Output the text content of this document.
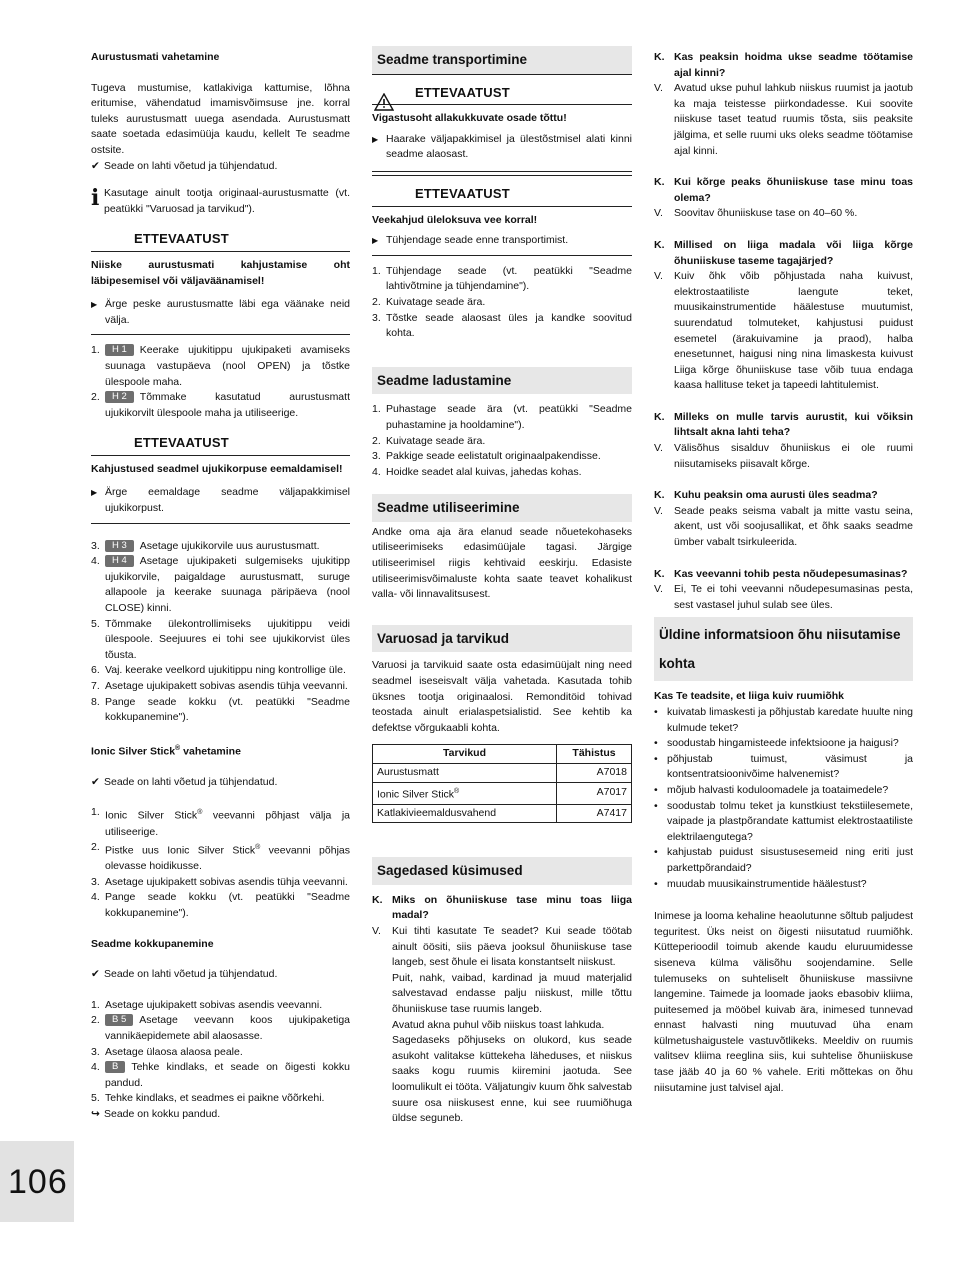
Aurustusmati vahetamine

Tugeva mustumise, katlakiviga kattumise, lõhna eritumise, vähendatud imamisvõimsuse jne. korral tuleks aurustusmatt uuega asendada. Aurustusmatt saate soetada edasimüüja kaudu, kellelt Te seadme ostsite.

✔ Seade on lahti võetud ja tühjendatud.
i Kasutage ainult tootja originaal-aurustusmatte (vt. peatükki "Varuosad ja tarvikud").
ETTEVAATUST

Niiske aurustusmati kahjustamise oht läbipesemisel või väljaväänamisel!

▶ Ärge peske aurustusmatte läbi ega väänake neid välja.
1.	H 1 Keerake ujukitippu ujukipaketi avamiseks suunaga vastupäeva (nool OPEN) ja tõstke ülespoole maha.
2.	H 2 Tõmmake kasutatud aurustusmatt ujukikorvilt ülespoole maha ja utiliseerige.
ETTEVAATUST

Kahjustused seadmel ujukikorpuse eemaldamisel!

▶ Ärge eemaldage seadme väljapakkimisel ujukikorpust.
3.	H 3 Asetage ujukikorvile uus aurustusmatt.
4.	H 4 Asetage ujukipaketi sulgemiseks ujukitipp ujukikorvile, paigaldage aurustusmatt, suruge allapoole ja keerake suunaga päripäeva (nool CLOSE) kinni.
5. Tõmmake ülekontrollimiseks ujukitippu veidi ülespoole. Seejuures ei tohi see ujukikorvist üles tõusta.
6. Vaj. keerake veelkord ujukitippu ning kontrollige üle.
7. Asetage ujukipakett sobivas asendis tühja veevanni.
8. Pange seade kokku (vt. peatükki "Seadme kokkupanemine").
Ionic Silver Stick® vahetamine
✔ Seade on lahti võetud ja tühjendatud.
1. Ionic Silver Stick® veevanni põhjast välja ja utiliseerige.
2. Pistke uus Ionic Silver Stick® veevanni põhjas olevasse hoidikusse.
3. Asetage ujukipakett sobivas asendis tühja veevanni.
4. Pange seade kokku (vt. peatükki "Seadme kokkupanemine").
Seadme kokkupanemine
✔ Seade on lahti võetud ja tühjendatud.
1. Asetage ujukipakett sobivas asendis veevanni.
2.	B 5 Asetage veevann koos ujukipaketiga vannikäepidemete abil alaosasse.
3. Asetage ülaosa alaosa peale.
4.	B Tehke kindlaks, et seade on õigesti kokku pandud.
5. Tehke kindlaks, et seadmes ei paikne võõrkehi.
↪ Seade on kokku pandud.
Seadme transportimine
ETTEVAATUST

Vigastusoht allakukkuvate osade tõttu!

▶ Haarake väljapakkimisel ja ülestõstmisel alati kinni seadme alaosast.
ETTEVAATUST

Veekahjud üleloksuva vee korral!

▶ Tühjendage seade enne transportimist.
1. Tühjendage seade (vt. peatükki "Seadme lahtivõtmine ja tühjendamine").
2. Kuivatage seade ära.
3. Tõstke seade alaosast üles ja kandke soovitud kohta.
Seadme ladustamine
1. Puhastage seade ära (vt. peatükki "Seadme puhastamine ja hooldamine").
2. Kuivatage seade ära.
3. Pakkige seade eelistatult originaalpakendisse.
4. Hoidke seadet alal kuivas, jahedas kohas.
Seadme utiliseerimine

Andke oma aja ära elanud seade nõuetekohaseks utiliseerimiseks edasimüüjale tagasi. Järgige utiliseerimisel riigis kehtivaid eeskirju. Edasiste utiliseerimisvõimaluste kohta saate teavet kohalikust valla- või linnavalitsusest.

Varuosad ja tarvikud

Varuosi ja tarvikuid saate osta edasimüüjalt ning need seadmel iseseisvalt välja vahetada. Kasutada tohib üksnes tootja originaalosi. Remonditöid tohivad teostada ainult erialaspetsialistid. See kehtib ka defektse võrgukaabli kohta.

Tarvikud	Tähistus
Aurustusmatt	A7018
Ionic Silver Stick®	A7017
Katlakivieemaldusvahend	A7417
Sagedased küsimused
K. Miks on õhuniiskuse tase minu toas liiga madal?
V.	Kui tihti kasutate Te seadet? Kui seade töötab ainult öösiti, siis päeva jooksul õhuniiskuse tase langeb, sest õhule ei lisata konstantselt niiskust.

Puit, nahk, vaibad, kardinad ja muud materjalid salvestavad endasse palju niiskust, mille tõttu õhuniiskuse tase ruumis langeb.

Avatud akna puhul võib niiskus toast lahkuda.

Sagedaseks põhjuseks on olukord, kus seade asukoht valitakse küttekeha läheduses, et niiskus saaks kogu ruumis kiiremini jaotuda. See loomulikult ei tööta. Väljatungiv kuum õhk salvestab suure osa niiskusest enne, kui see ruumiõhuga üldse seguneb.

K. Kas peaksin hoidma ukse seadme töötamise ajal kinni?
V.	Avatud ukse puhul lahkub niiskus ruumist ja jaotub ka maja teistesse piirkondadesse. Kui soovite niiskuse taset teatud ruumis tõsta, siis peaksite jälgima, et selle ruumi uks oleks seadme töötamise ajal kinni.
K. Kui kõrge peaks õhuniiskuse tase minu toas olema?
V.	Soovitav õhuniiskuse tase on 40–60 %.
K. Millised on liiga madala või liiga kõrge õhuniiskuse taseme tagajärjed?
V.	Kuiv õhk võib põhjustada naha kuivust, elektrostaatiliste laengute teket, muusikainstrumentide häälestuse muutumist, suurendatud tolmuteket, kahjustusi puidust esemetel (ärakuivamine ja praod), halba enesetunnet, haigusi ning nina limaskesta kuivust Liiga kõrge õhuniiskuse tase võib tuua endaga kaasa hallituse teket ja tapeedi lahtitulemist.
K. Milleks on mulle tarvis aurustit, kui võiksin lihtsalt akna lahti teha?
V.	Välisõhus sisalduv õhuniiskus ei ole ruumi niisutamiseks piisavalt kõrge.
K. Kuhu peaksin oma aurusti üles seadma?
V.	Seade peaks seisma vabalt ja mitte vastu seina, akent, ust või soojusallikat, et õhk saaks seadme ümber vabalt tsirkuleerida.
K. Kas veevanni tohib pesta nõudepesumasinas?
V.	Ei, Te ei tohi veevanni nõudepesumasinas pesta, sest vastasel juhul sulab see üles.
Üldine informatsioon õhu niisutamise kohta
Kas Te teadsite, et liiga kuiv ruumiõhk
• kuivatab limaskesti ja põhjustab karedate huulte ning kulmude teket?
• soodustab hingamisteede infektsioone ja haigusi?
• põhjustab tuimust, väsimust ja kontsentratsioonivõime halvenemist?
• mõjub halvasti koduloomadele ja toataimedele?
• soodustab tolmu teket ja kunstkiust tekstiilesemete, vaipade ja plastpõrandate kattumist elektrostaatiliste elektrilaengutega?
• kahjustab puidust sisustusesemeid ning eriti just parkettpõrandaid?
• muudab muusikainstrumentide häälestust?

Inimese ja looma kehaline heaolutunne sõltub paljudest teguritest. Üks neist on õigesti niisutatud ruumiõhk. Kütteperioodil toimub akende kaudu eluruumidesse siseneva külma välisõhu soojendamine. Selle tulemuseks on suhteliselt õhuniiskuse massiivne langemine. Taimede ja loomade jaoks ebasobiv kliima, puitesemed ja mööbel kuivab ära, inimesed tunnevad ennast halvasti ning muutuvad üha enam külmetushaigustele vastuvõtlikeks. Meeldiv on ruumis valitsev kliima reeglina siis, kui suhtelise õhuniiskuse tase jääb 40 ja 60 % vahele. Eriti mõttekas on õhu niisutamine just talvisel ajal.

106
